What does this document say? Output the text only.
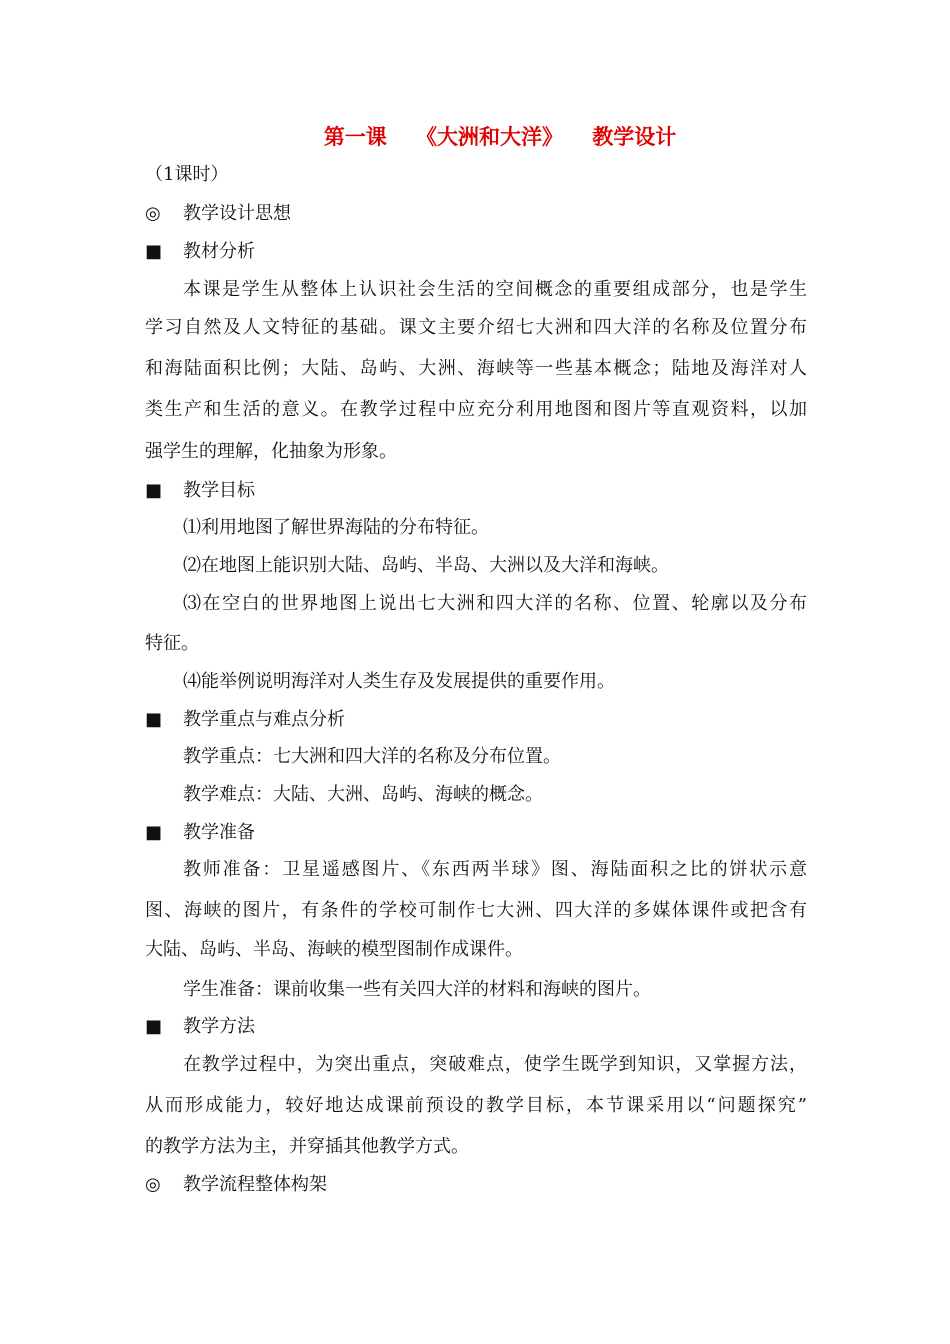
第一课    《大洲和大洋》    教学设计
（1课时）
◎ 教学设计思想
■ 教材分析
本课是学生从整体上认识社会生活的空间概念的重要组成部分，也是学生
学习自然及人文特征的基础。课文主要介绍七大洲和四大洋的名称及位置分布
和海陆面积比例；大陆、岛屿、大洲、海峡等一些基本概念；陆地及海洋对人
类生产和生活的意义。在教学过程中应充分利用地图和图片等直观资料，以加
强学生的理解，化抽象为形象。
■ 教学目标
⑴利用地图了解世界海陆的分布特征。
⑵在地图上能识别大陆、岛屿、半岛、大洲以及大洋和海峡。
⑶在空白的世界地图上说出七大洲和四大洋的名称、位置、轮廓以及分布
特征。
⑷能举例说明海洋对人类生存及发展提供的重要作用。
■ 教学重点与难点分析
教学重点：七大洲和四大洋的名称及分布位置。
教学难点：大陆、大洲、岛屿、海峡的概念。
■ 教学准备
教师准备：卫星遥感图片、《东西两半球》图、海陆面积之比的饼状示意
图、海峡的图片，有条件的学校可制作七大洲、四大洋的多媒体课件或把含有
大陆、岛屿、半岛、海峡的模型图制作成课件。
学生准备：课前收集一些有关四大洋的材料和海峡的图片。
■ 教学方法
在教学过程中，为突出重点，突破难点，使学生既学到知识，又掌握方法，
从而形成能力，较好地达成课前预设的教学目标，本节课采用以“问题探究”
的教学方法为主，并穿插其他教学方式。
◎ 教学流程整体构架
